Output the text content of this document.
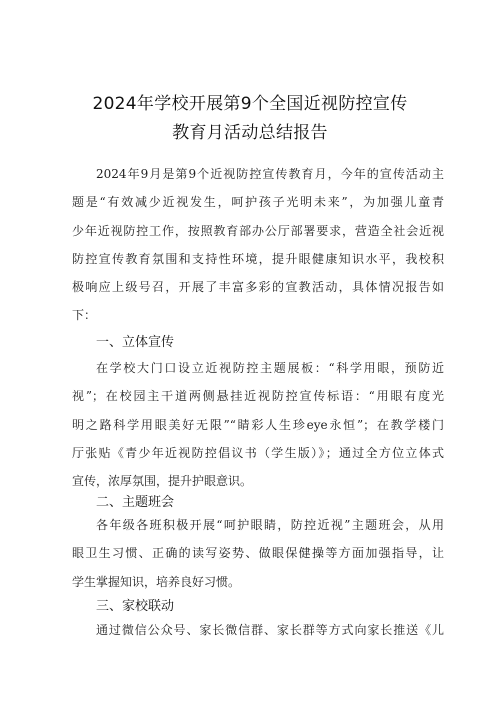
2024年学校开展第9个全国近视防控宣传
教育月活动总结报告
2024年9月是第9个近视防控宣传教育月，今年的宣传活动主
题是“有效减少近视发生，呵护孩子光明未来”，为加强儿童青
少年近视防控工作，按照教育部办公厅部署要求，营造全社会近视
防控宣传教育氛围和支持性环境，提升眼健康知识水平，我校积
极响应上级号召，开展了丰富多彩的宣教活动，具体情况报告如
下：
一、立体宣传
在学校大门口设立近视防控主题展板：“科学用眼，预防近
视”；在校园主干道两侧悬挂近视防控宣传标语：“用眼有度光
明之路科学用眼美好无限”“睛彩人生珍eye永恒”；在教学楼门
厅张贴《青少年近视防控倡议书（学生版）》；通过全方位立体式
宣传，浓厚氛围，提升护眼意识。
二、主题班会
各年级各班积极开展“呵护眼睛，防控近视”主题班会，从用
眼卫生习惯、正确的读写姿势、做眼保健操等方面加强指导，让
学生掌握知识，培养良好习惯。
三、家校联动
通过微信公众号、家长微信群、家长群等方式向家长推送《儿
